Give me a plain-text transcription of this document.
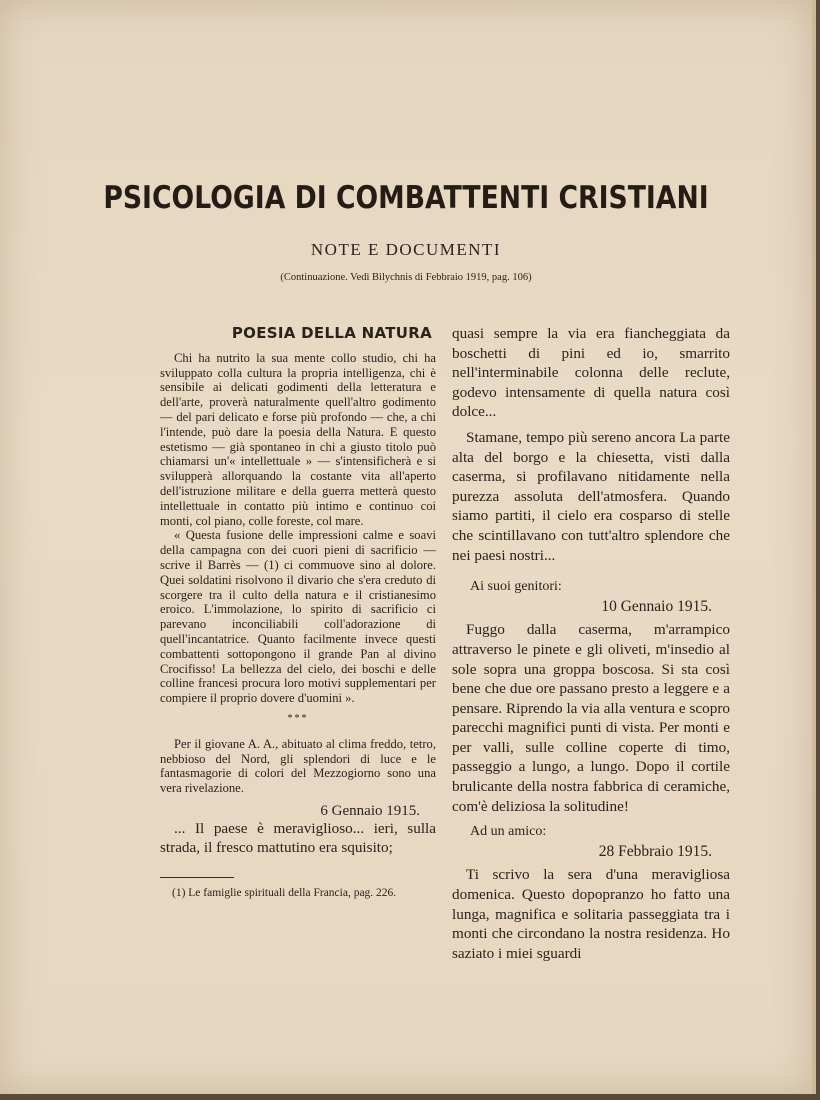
PSICOLOGIA DI COMBATTENTI CRISTIANI
NOTE E DOCUMENTI
(Continuazione. Vedi Bilychnis di Febbraio 1919, pag. 106)
POESIA DELLA NATURA

Chi ha nutrito la sua mente collo studio, chi ha sviluppato colla cultura la propria intelligenza, chi è sensibile ai delicati godimenti della letteratura e dell'arte, proverà naturalmente quell'altro godimento — del pari delicato e forse più profondo — che, a chi l'intende, può dare la poesia della Natura. E questo estetismo — già spontaneo in chi a giusto titolo può chiamarsi un'« intellettuale » — s'intensificherà e si svilupperà allorquando la costante vita all'aperto dell'istruzione militare e della guerra metterà questo intellettuale in contatto più intimo e continuo coi monti, col piano, colle foreste, col mare.

« Questa fusione delle impressioni calme e soavi della campagna con dei cuori pieni di sacrificio — scrive il Barrès — (1) ci commuove sino al dolore. Quei soldatini risolvono il divario che s'era creduto di scorgere tra il culto della natura e il cristianesimo eroico. L'immolazione, lo spirito di sacrificio ci parevano inconciliabili coll'adorazione di quell'incantatrice. Quanto facilmente invece questi combattenti sottopongono il grande Pan al divino Crocifisso! La bellezza del cielo, dei boschi e delle colline francesi procura loro motivi supplementari per compiere il proprio dovere d'uomini ».

***

Per il giovane A. A., abituato al clima freddo, tetro, nebbioso del Nord, gli splendori di luce e le fantasmagorie di colori del Mezzogiorno sono una vera rivelazione.

6 Gennaio 1915.

... Il paese è meraviglioso... ieri, sulla strada, il fresco mattutino era squisito;

(1) Le famiglie spirituali della Francia, pag. 226.

quasi sempre la via era fiancheggiata da boschetti di pini ed io, smarrito nell'interminabile colonna delle reclute, godevo intensamente di quella natura così dolce...

Stamane, tempo più sereno ancora La parte alta del borgo e la chiesetta, visti dalla caserma, si profilavano nitidamente nella purezza assoluta dell'atmosfera. Quando siamo partiti, il cielo era cosparso di stelle che scintillavano con tutt'altro splendore che nei paesi nostri...

Ai suoi genitori:

10 Gennaio 1915.

Fuggo dalla caserma, m'arrampico attraverso le pinete e gli oliveti, m'insedio al sole sopra una groppa boscosa. Si sta così bene che due ore passano presto a leggere e a pensare. Riprendo la via alla ventura e scopro parecchi magnifici punti di vista. Per monti e per valli, sulle colline coperte di timo, passeggio a lungo, a lungo. Dopo il cortile brulicante della nostra fabbrica di ceramiche, com'è deliziosa la solitudine!

Ad un amico:

28 Febbraio 1915.

Ti scrivo la sera d'una meravigliosa domenica. Questo dopopranzo ho fatto una lunga, magnifica e solitaria passeggiata tra i monti che circondano la nostra residenza. Ho saziato i miei sguardi
